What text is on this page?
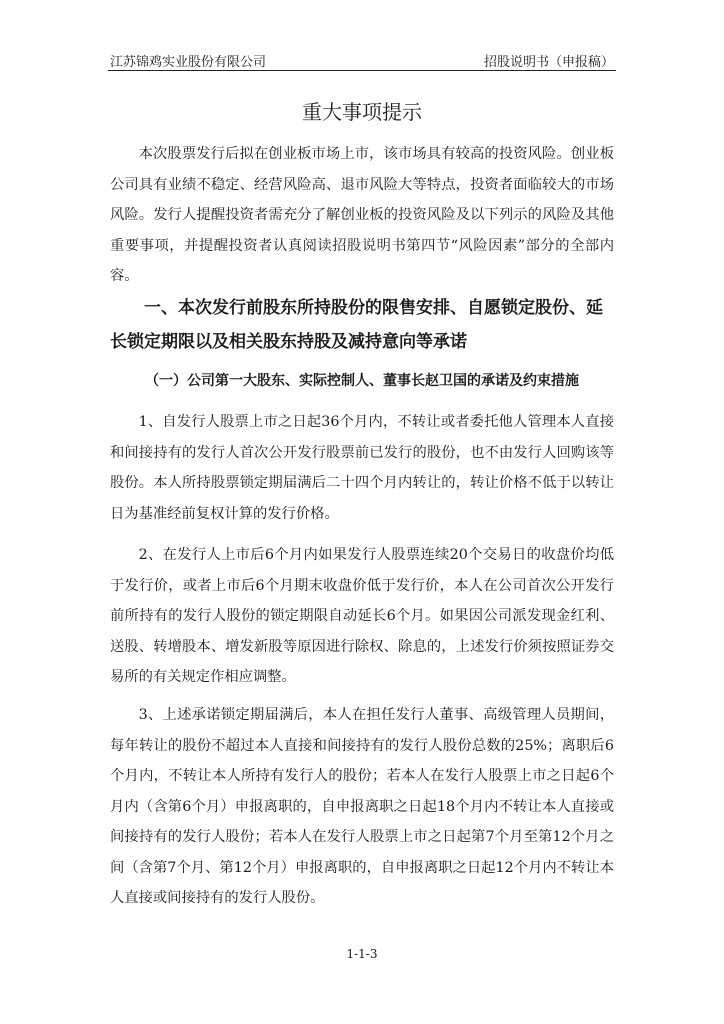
江苏锦鸡实业股份有限公司	招股说明书（申报稿）
重大事项提示

本次股票发行后拟在创业板市场上市，该市场具有较高的投资风险。创业板公司具有业绩不稳定、经营风险高、退市风险大等特点，投资者面临较大的市场风险。发行人提醒投资者需充分了解创业板的投资风险及以下列示的风险及其他重要事项，并提醒投资者认真阅读招股说明书第四节“风险因素”部分的全部内容。

一、本次发行前股东所持股份的限售安排、自愿锁定股份、延长锁定期限以及相关股东持股及减持意向等承诺
（一）公司第一大股东、实际控制人、董事长赵卫国的承诺及约束措施

1、自发行人股票上市之日起36个月内，不转让或者委托他人管理本人直接和间接持有的发行人首次公开发行股票前已发行的股份，也不由发行人回购该等股份。本人所持股票锁定期届满后二十四个月内转让的，转让价格不低于以转让日为基准经前复权计算的发行价格。

2、在发行人上市后6个月内如果发行人股票连续20个交易日的收盘价均低于发行价，或者上市后6个月期末收盘价低于发行价，本人在公司首次公开发行前所持有的发行人股份的锁定期限自动延长6个月。如果因公司派发现金红利、送股、转增股本、增发新股等原因进行除权、除息的，上述发行价须按照证券交易所的有关规定作相应调整。

3、上述承诺锁定期届满后，本人在担任发行人董事、高级管理人员期间，每年转让的股份不超过本人直接和间接持有的发行人股份总数的25%；离职后6个月内，不转让本人所持有发行人的股份；若本人在发行人股票上市之日起6个月内（含第6个月）申报离职的，自申报离职之日起18个月内不转让本人直接或间接持有的发行人股份；若本人在发行人股票上市之日起第7个月至第12个月之间（含第7个月、第12个月）申报离职的，自申报离职之日起12个月内不转让本人直接或间接持有的发行人股份。

1-1-3
